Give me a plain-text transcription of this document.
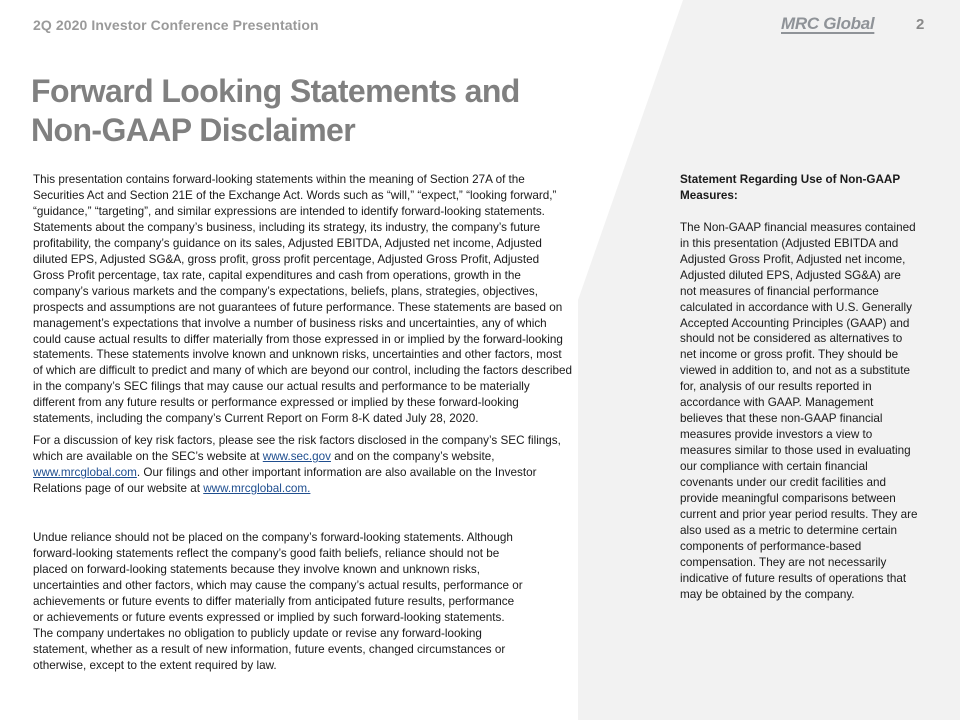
2Q 2020 Investor Conference Presentation	MRC Global	2
Forward Looking Statements and
Non-GAAP Disclaimer

This presentation contains forward-looking statements within the meaning of Section 27A of the Securities Act and Section 21E of the Exchange Act. Words such as “will,” “expect,” “looking forward,” “guidance,” “targeting”, and similar expressions are intended to identify forward-looking statements. Statements about the company’s business, including its strategy, its industry, the company’s future profitability, the company’s guidance on its sales, Adjusted EBITDA, Adjusted net income, Adjusted diluted EPS, Adjusted SG&A, gross profit, gross profit percentage, Adjusted Gross Profit, Adjusted Gross Profit percentage, tax rate, capital expenditures and cash from operations, growth in the company’s various markets and the company’s expectations, beliefs, plans, strategies, objectives, prospects and assumptions are not guarantees of future performance. These statements are based on management’s expectations that involve a number of business risks and uncertainties, any of which could cause actual results to differ materially from those expressed in or implied by the forward-looking statements. These statements involve known and unknown risks, uncertainties and other factors, most of which are difficult to predict and many of which are beyond our control, including the factors described in the company’s SEC filings that may cause our actual results and performance to be materially different from any future results or performance expressed or implied by these forward-looking statements, including the company’s Current Report on Form 8-K dated July 28, 2020.

For a discussion of key risk factors, please see the risk factors disclosed in the company’s SEC filings, which are available on the SEC’s website at www.sec.gov and on the company’s website, www.mrcglobal.com. Our filings and other important information are also available on the Investor Relations page of our website at www.mrcglobal.com.

Undue reliance should not be placed on the company’s forward-looking statements. Although forward-looking statements reflect the company’s good faith beliefs, reliance should not be placed on forward-looking statements because they involve known and unknown risks, uncertainties and other factors, which may cause the company’s actual results, performance or achievements or future events to differ materially from anticipated future results, performance or achievements or future events expressed or implied by such forward-looking statements. The company undertakes no obligation to publicly update or revise any forward-looking statement, whether as a result of new information, future events, changed circumstances or otherwise, except to the extent required by law.

Statement Regarding Use of Non-GAAP Measures:

The Non-GAAP financial measures contained in this presentation (Adjusted EBITDA and Adjusted Gross Profit, Adjusted net income, Adjusted diluted EPS, Adjusted SG&A) are not measures of financial performance calculated in accordance with U.S. Generally Accepted Accounting Principles (GAAP) and should not be considered as alternatives to net income or gross profit. They should be viewed in addition to, and not as a substitute for, analysis of our results reported in accordance with GAAP. Management believes that these non-GAAP financial measures provide investors a view to measures similar to those used in evaluating our compliance with certain financial covenants under our credit facilities and provide meaningful comparisons between current and prior year period results. They are also used as a metric to determine certain components of performance-based compensation. They are not necessarily indicative of future results of operations that may be obtained by the company.
